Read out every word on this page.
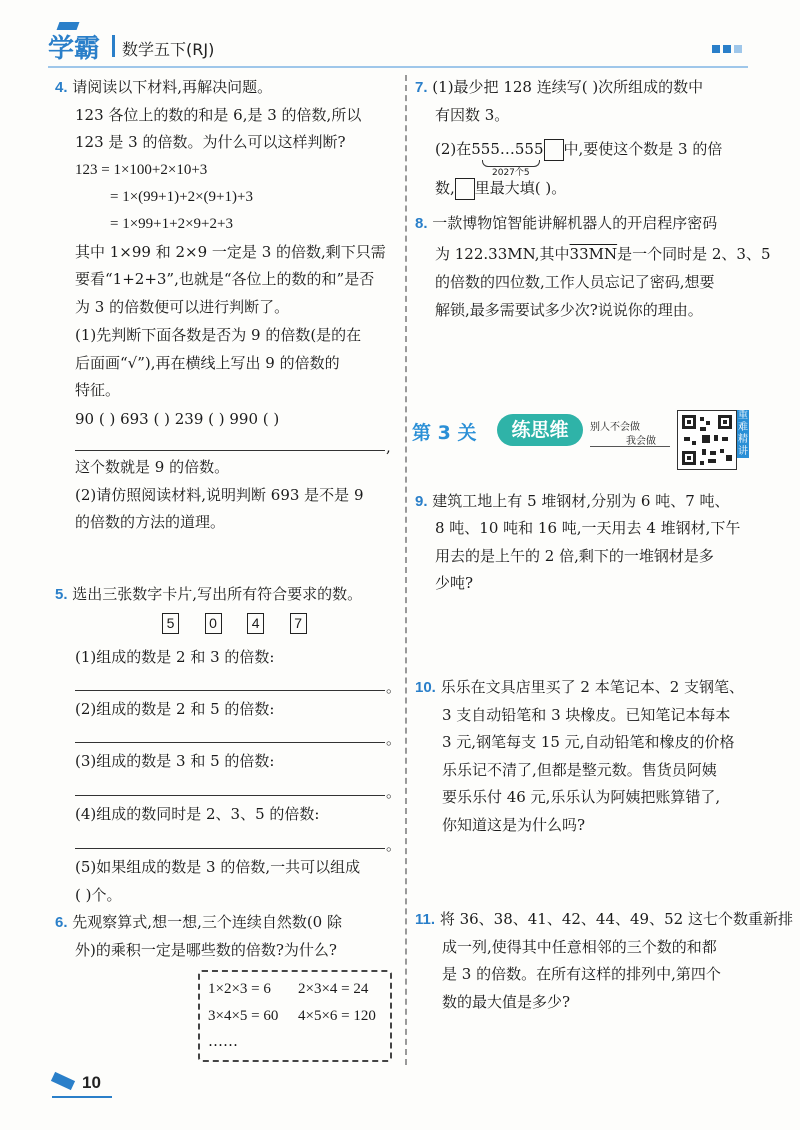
学霸 数学五下(RJ)
4. 请阅读以下材料,再解决问题。
123 各位上的数的和是 6,是 3 的倍数,所以
123 是 3 的倍数。为什么可以这样判断?
123 = 1×100+2×10+3
= 1×(99+1)+2×(9+1)+3
= 1×99+1+2×9+2+3
其中 1×99 和 2×9 一定是 3 的倍数,剩下只需
要看“1+2+3”,也就是“各位上的数的和”是否
为 3 的倍数便可以进行判断了。
(1)先判断下面各数是否为 9 的倍数(是的在
后面画“√”),再在横线上写出 9 的倍数的
特征。
90 ( ) 693 ( ) 239 ( ) 990 ( )
,
这个数就是 9 的倍数。
(2)请仿照阅读材料,说明判断 693 是不是 9
的倍数的方法的道理。
5. 选出三张数字卡片,写出所有符合要求的数。
5 0 4 7
(1)组成的数是 2 和 3 的倍数:
。
(2)组成的数是 2 和 5 的倍数:
。
(3)组成的数是 3 和 5 的倍数:
。
(4)组成的数同时是 2、3、5 的倍数:
。
(5)如果组成的数是 3 的倍数,一共可以组成
( )个。
6. 先观察算式,想一想,三个连续自然数(0 除
外)的乘积一定是哪些数的倍数?为什么?
1×2×3 = 6 2×3×4 = 24
3×4×5 = 60 4×5×6 = 120
……
7. (1)最少把 128 连续写( )次所组成的数中
有因数 3。
(2)在555…555 中,要使这个数是 3 的倍
2027个5
数, 里最大填( )。
8. 一款博物馆智能讲解机器人的开启程序密码
为 122.33MN,其中33MN是一个同时是 2、3、5
的倍数的四位数,工作人员忘记了密码,想要
解锁,最多需要试多少次?说说你的理由。
第 3 关	练思维	别人不会做
我会做
重难精讲
9. 建筑工地上有 5 堆钢材,分别为 6 吨、7 吨、
8 吨、10 吨和 16 吨,一天用去 4 堆钢材,下午
用去的是上午的 2 倍,剩下的一堆钢材是多
少吨?
10. 乐乐在文具店里买了 2 本笔记本、2 支钢笔、
3 支自动铅笔和 3 块橡皮。已知笔记本每本
3 元,钢笔每支 15 元,自动铅笔和橡皮的价格
乐乐记不清了,但都是整元数。售货员阿姨
要乐乐付 46 元,乐乐认为阿姨把账算错了,
你知道这是为什么吗?
11. 将 36、38、41、42、44、49、52 这七个数重新排
成一列,使得其中任意相邻的三个数的和都
是 3 的倍数。在所有这样的排列中,第四个
数的最大值是多少?
10
